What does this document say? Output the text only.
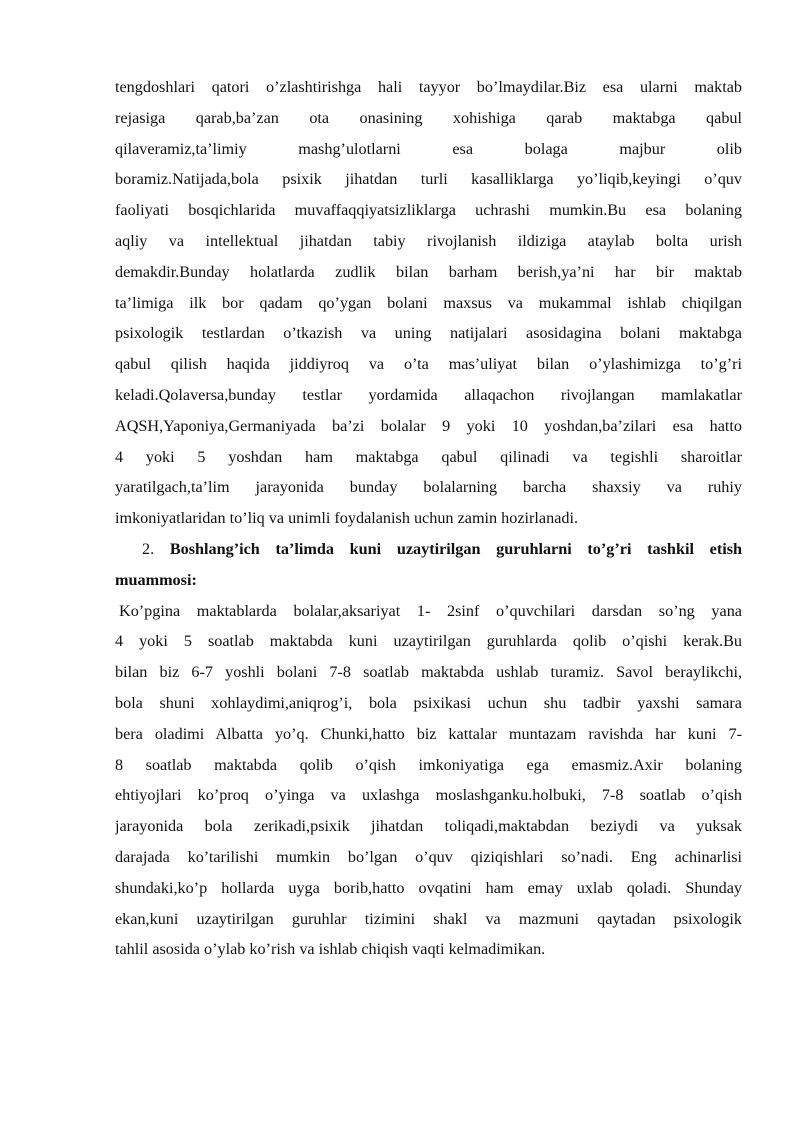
tengdoshlari qatori o’zlashtirishga hali tayyor bo’lmaydilar.Biz esa ularni maktab
rejasiga qarab,ba’zan ota onasining xohishiga qarab maktabga qabul
qilaveramiz,ta’limiy mashg’ulotlarni esa bolaga majbur olib
boramiz.Natijada,bola psixik jihatdan turli kasalliklarga yo’liqib,keyingi o’quv
faoliyati bosqichlarida muvaffaqqiyatsizliklarga uchrashi mumkin.Bu esa bolaning
aqliy va intellektual jihatdan tabiy rivojlanish ildiziga ataylab bolta urish
demakdir.Bunday holatlarda zudlik bilan barham berish,ya’ni har bir maktab
ta’limiga ilk bor qadam qo’ygan bolani maxsus va mukammal ishlab chiqilgan
psixologik testlardan o’tkazish va uning natijalari asosidagina bolani maktabga
qabul qilish haqida jiddiyroq va o’ta mas’uliyat bilan o’ylashimizga to’g’ri
keladi.Qolaversa,bunday testlar yordamida allaqachon rivojlangan mamlakatlar
AQSH,Yaponiya,Germaniyada ba’zi bolalar 9 yoki 10 yoshdan,ba’zilari esa hatto
4 yoki 5 yoshdan ham maktabga qabul qilinadi va tegishli sharoitlar
yaratilgach,ta’lim jarayonida bunday bolalarning barcha shaxsiy va ruhiy
imkoniyatlaridan to’liq va unimli foydalanish uchun zamin hozirlanadi.
2. Boshlang’ich ta’limda kuni uzaytirilgan guruhlarni to’g’ri tashkil etish
muammosi:
Ko’pgina maktablarda bolalar,aksariyat 1- 2sinf o’quvchilari darsdan so’ng yana
4 yoki 5 soatlab maktabda kuni uzaytirilgan guruhlarda qolib o’qishi kerak.Bu
bilan biz 6-7 yoshli bolani 7-8 soatlab maktabda ushlab turamiz. Savol beraylikchi,
bola shuni xohlaydimi,aniqrog’i, bola psixikasi uchun shu tadbir yaxshi samara
bera oladimi Albatta yo’q. Chunki,hatto biz kattalar muntazam ravishda har kuni 7-
8 soatlab maktabda qolib o’qish imkoniyatiga ega emasmiz.Axir bolaning
ehtiyojlari ko’proq o’yinga va uxlashga moslashganku.holbuki, 7-8 soatlab o’qish
jarayonida bola zerikadi,psixik jihatdan toliqadi,maktabdan beziydi va yuksak
darajada ko’tarilishi mumkin bo’lgan o’quv qiziqishlari so’nadi. Eng achinarlisi
shundaki,ko’p hollarda uyga borib,hatto ovqatini ham emay uxlab qoladi. Shunday
ekan,kuni uzaytirilgan guruhlar tizimini shakl va mazmuni qaytadan psixologik
tahlil asosida o’ylab ko’rish va ishlab chiqish vaqti kelmadimikan.
